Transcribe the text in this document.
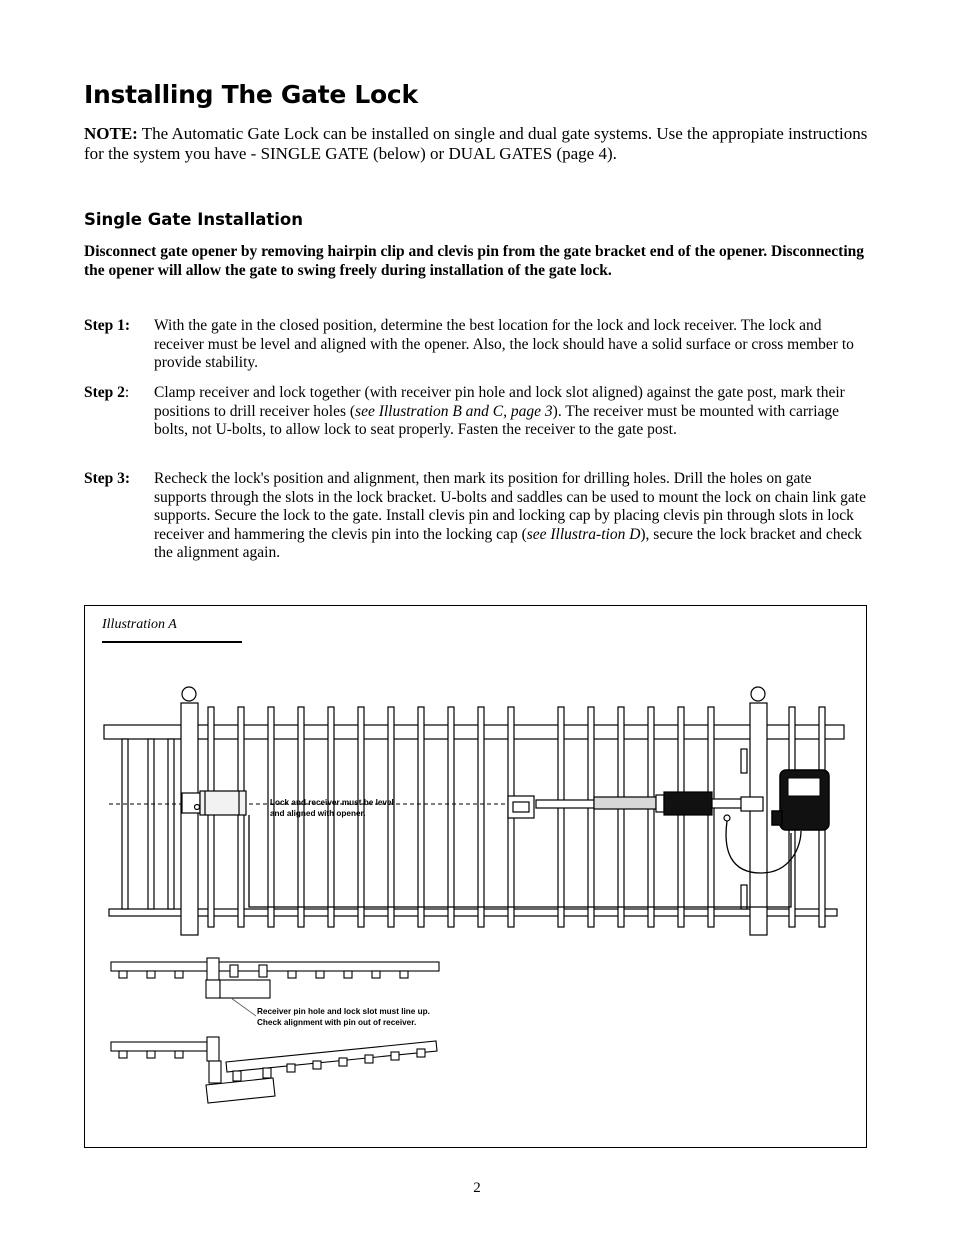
Installing The Gate Lock

NOTE: The Automatic Gate Lock can be installed on single and dual gate systems. Use the appropiate instructions for the system you have - SINGLE GATE (below) or DUAL GATES (page 4).

Single Gate Installation

Disconnect gate opener by removing hairpin clip and clevis pin from the gate bracket end of the opener. Disconnecting the opener will allow the gate to swing freely during installation of the gate lock.

Step 1: With the gate in the closed position, determine the best location for the lock and lock receiver. The lock and receiver must be level and aligned with the opener. Also, the lock should have a solid surface or cross member to provide stability.
Step 2: Clamp receiver and lock together (with receiver pin hole and lock slot aligned) against the gate post, mark their positions to drill receiver holes (see Illustration B and C, page 3). The receiver must be mounted with carriage bolts, not U-bolts, to allow lock to seat properly. Fasten the receiver to the gate post.
Step 3: Recheck the lock's position and alignment, then mark its position for drilling holes. Drill the holes on gate supports through the slots in the lock bracket. U-bolts and saddles can be used to mount the lock on chain link gate supports. Secure the lock to the gate. Install clevis pin and locking cap by placing clevis pin through slots in lock receiver and hammering the clevis pin into the locking cap (see Illustra-tion D), secure the lock bracket and check the alignment again.
Illustration A
Lock and receiver must be level
and aligned with opener.
Receiver pin hole and lock slot must line up.
Check alignment with pin out of receiver.
2
